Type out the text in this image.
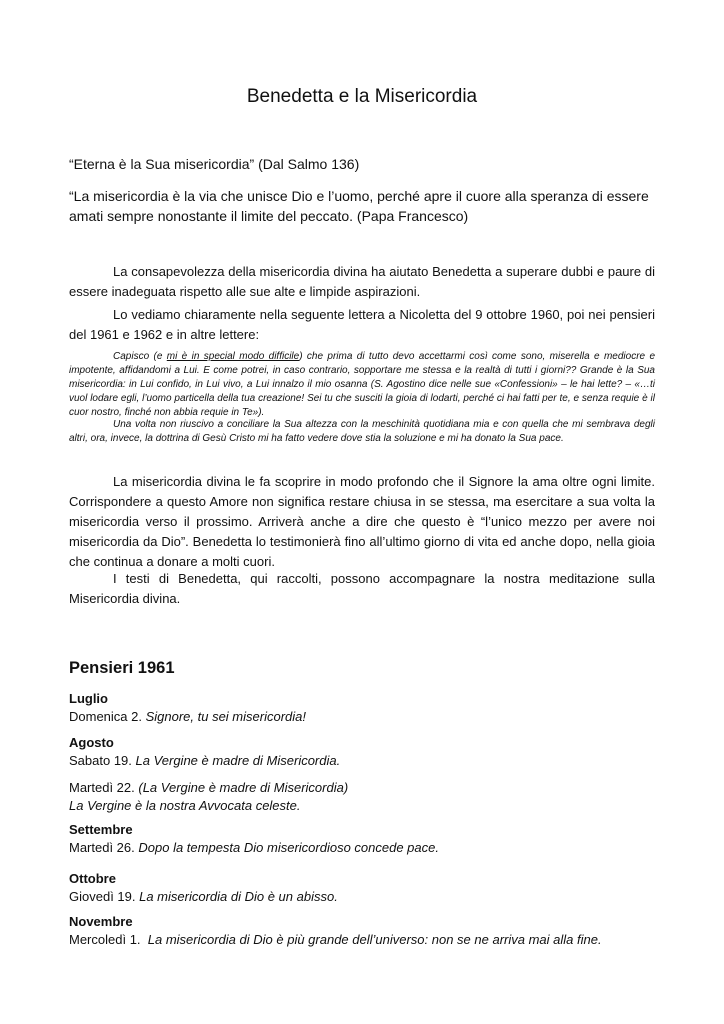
Benedetta e la Misericordia

“Eterna è la Sua misericordia” (Dal Salmo 136)

“La misericordia è la via che unisce Dio e l’uomo, perché apre il cuore alla speranza di essere amati sempre nonostante il limite del peccato. (Papa Francesco)

La consapevolezza della misericordia divina ha aiutato Benedetta a superare dubbi e paure di essere inadeguata rispetto alle sue alte e limpide aspirazioni.

Lo vediamo chiaramente nella seguente lettera a Nicoletta del 9 ottobre 1960, poi nei pensieri del 1961 e 1962 e in altre lettere:

Capisco (e mi è in special modo difficile) che prima di tutto devo accettarmi così come sono, miserella e mediocre e impotente, affidandomi a Lui. E come potrei, in caso contrario, sopportare me stessa e la realtà di tutti i giorni?? Grande è la Sua misericordia: in Lui confido, in Lui vivo, a Lui innalzo il mio osanna (S. Agostino dice nelle sue «Confessioni» – le hai lette? – «…ti vuol lodare egli, l’uomo particella della tua creazione! Sei tu che susciti la gioia di lodarti, perché ci hai fatti per te, e senza requie è il cuor nostro, finché non abbia requie in Te»).

Una volta non riuscivo a conciliare la Sua altezza con la meschinità quotidiana mia e con quella che mi sembrava degli altri, ora, invece, la dottrina di Gesù Cristo mi ha fatto vedere dove stia la soluzione e mi ha donato la Sua pace.

La misericordia divina le fa scoprire in modo profondo che il Signore la ama oltre ogni limite. Corrispondere a questo Amore non significa restare chiusa in se stessa, ma esercitare a sua volta la misericordia verso il prossimo. Arriverà anche a dire che questo è “l’unico mezzo per avere noi misericordia da Dio”. Benedetta lo testimonierà fino all’ultimo giorno di vita ed anche dopo, nella gioia che continua a donare a molti cuori.

I testi di Benedetta, qui raccolti, possono accompagnare la nostra meditazione sulla Misericordia divina.

Pensieri 1961
Luglio
Domenica 2. Signore, tu sei misericordia!
Agosto
Sabato 19. La Vergine è madre di Misericordia.
Martedì 22. (La Vergine è madre di Misericordia)
La Vergine è la nostra Avvocata celeste.
Settembre
Martedì 26. Dopo la tempesta Dio misericordioso concede pace.
Ottobre
Giovedì 19. La misericordia di Dio è un abisso.
Novembre
Mercoledì 1.  La misericordia di Dio è più grande dell’universo: non se ne arriva mai alla fine.
